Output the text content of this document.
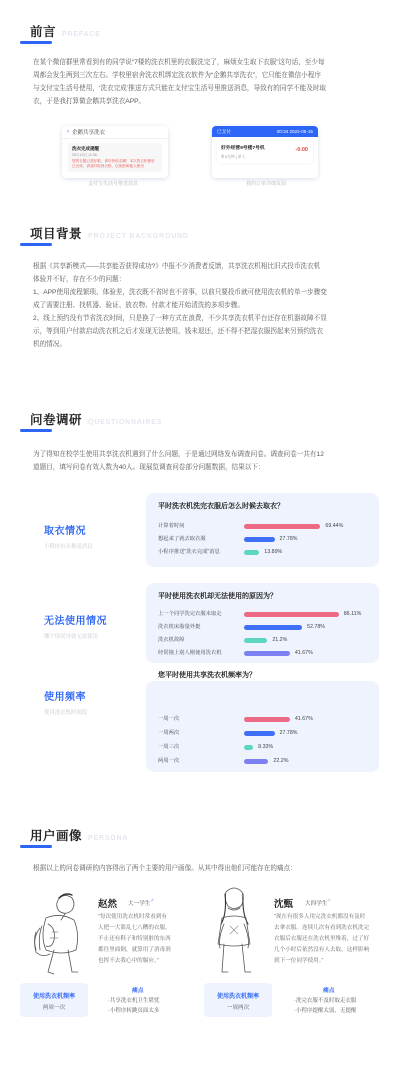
前言 PREFACE

在某个微信群里常看到有的同学说“7楼的洗衣机里的衣服洗完了，麻烦女生取下衣服”这句话，至少每

周都会发生两到三次左右。学校里宿舍洗衣机绑定洗衣软件为“企鹅共享洗衣”，它只能在微信小程序

与支付宝生活号使用，‘洗衣完成’推送方式只能在支付宝生活号里推送消息，导致有的同学不能及时取

衣，于是我打算做企鹅共享洗衣APP。

‹ 企鹅共享洗衣
洗衣完成提醒
05月15日 11:56
您的衣服已洗好啦，请尽快取走哦！本次洗衣机使用已完成，请及时取回衣物，以免影响他人使用
支付宝生活号推送消息
已支付	00:34 2022-05-15
好外经营9号楼7号机	-0.00
⏱ 5分钟 | 单人
我的订单详细页面
项目背景 PROJECT BACKGROUND

根据《共享新模式——共享能否获得成功?》中报不少消费者反馈，共享洗衣机相比旧式投币洗衣机

体验并不好，存在不少的问题：

1、APP使用流程繁琐、体验差，洗衣既不省时也不省事，以前只要投币就可使用洗衣机的单一步骤变

成了需要注册、找机器、验证、放衣物、付款才能开始清洗的多项步骤。

2、线上预约没有节省洗衣时间，只是换了一种方式在浪费，不少共享洗衣机平台还存在机器故障不显

示，等到用户付款启动洗衣机之后才发现无法使用，钱未退还，还不得不把湿衣服拐起来另预约洗衣

机的情况。

问卷调研 QUESTIONNAIRES

为了得知在校学生使用共享洗衣机遇到了什么问题，于是通过网络发布调查问卷。调查问卷一共有12

道题目，填写问卷有效人数为40人。现展览调查问卷部分问题数据，结果以下：

取衣情况
小程序有否推送消息
平时洗衣机洗完衣服后怎么时候去取衣？
计算着时间	69.44%
想起来了就去取衣服	27.78%
小程序推送“洗衣完成”消息	13.89%
无法使用情况
哪个情况导致无法使用
平时使用洗衣机却无法使用的原因为？
上一个同学洗完衣服未取走	86.11%
洗衣机床脂量外挺	52.78%
洗衣机故障	21.2%
经常撞上别人刚使用洗衣机	41.67%
使用频率
使用洗衣机时间段
您平时使用共享洗衣机频率为？
一周一次	41.67%
一周两次	27.78%
一周三次	8.33%
两周一次	22.2%
用户画像 PERSONA
根据以上的问卷调研的内容得出了两个主要的用户画像。从其中得出他们可能存在的痛点：
赵然 大一学生 ♂
“每次使用洗衣机时常看到有
人把一大篮乱七八糟的衣服，
不止还有鞋子和特别脏的东西
都往里面倒，就算用了消毒剂
也挥不去我心中的膈应。”
使用洗衣机频率
两周一次
痛点
·共享洗衣机卫生堪忧
·小程序转跳页面太多
沈甄 大四学生 ♀
“现在有很多人用完洗衣机都没有及时
去拿衣服。连续几次有看到洗衣机洗完
衣服后衣服还在洗衣机里堆着，过了好
几个小时后依然没有人去取，这样影响
到下一位同学使用。”
使用洗衣机频率
一周两次
痛点
·洗完衣服不及时取走衣服
·小程序提醒太弱，无提醒
